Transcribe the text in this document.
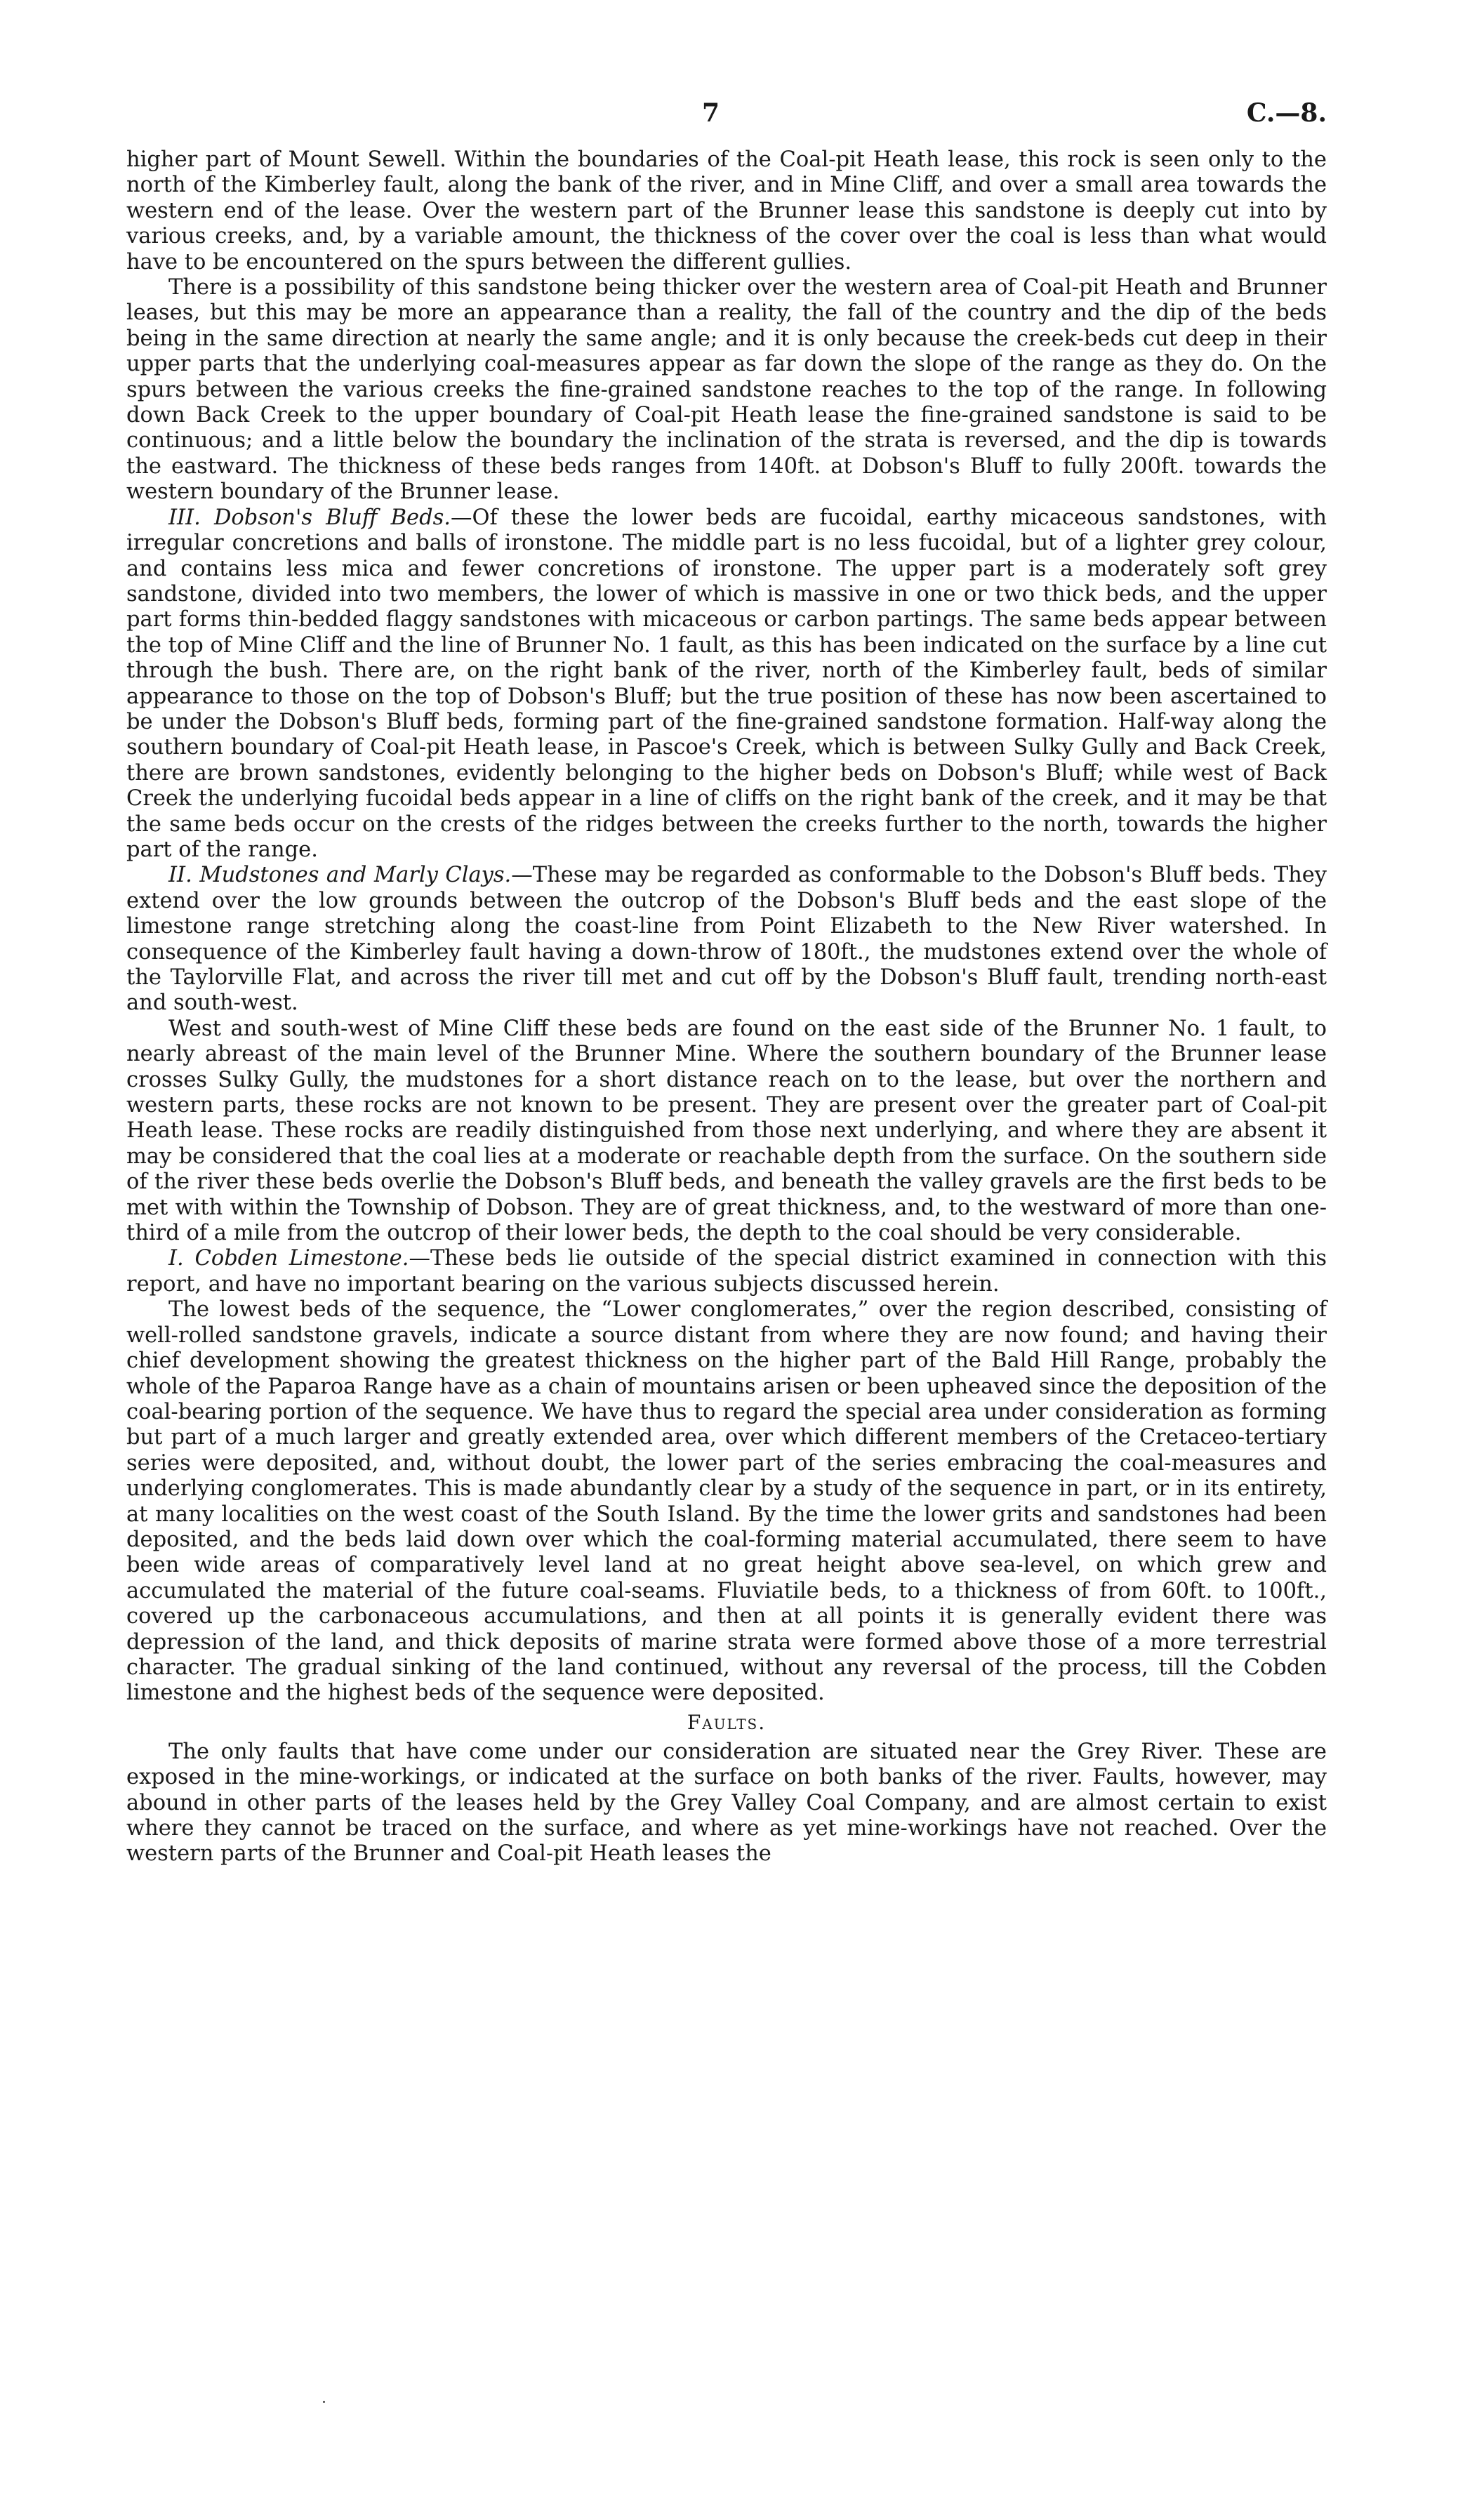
7	C.—8.

higher part of Mount Sewell. Within the boundaries of the Coal-pit Heath lease, this rock is seen only to the north of the Kimberley fault, along the bank of the river, and in Mine Cliff, and over a small area towards the western end of the lease. Over the western part of the Brunner lease this sandstone is deeply cut into by various creeks, and, by a variable amount, the thickness of the cover over the coal is less than what would have to be encountered on the spurs between the different gullies.

There is a possibility of this sandstone being thicker over the western area of Coal-pit Heath and Brunner leases, but this may be more an appearance than a reality, the fall of the country and the dip of the beds being in the same direction at nearly the same angle; and it is only because the creek-beds cut deep in their upper parts that the underlying coal-measures appear as far down the slope of the range as they do. On the spurs between the various creeks the fine-grained sandstone reaches to the top of the range. In following down Back Creek to the upper boundary of Coal-pit Heath lease the fine-grained sandstone is said to be continuous; and a little below the boundary the inclination of the strata is reversed, and the dip is towards the eastward. The thickness of these beds ranges from 140ft. at Dobson's Bluff to fully 200ft. towards the western boundary of the Brunner lease.

III. Dobson's Bluff Beds.—Of these the lower beds are fucoidal, earthy micaceous sandstones, with irregular concretions and balls of ironstone. The middle part is no less fucoidal, but of a lighter grey colour, and contains less mica and fewer concretions of ironstone. The upper part is a moderately soft grey sandstone, divided into two members, the lower of which is massive in one or two thick beds, and the upper part forms thin-bedded flaggy sandstones with micaceous or carbon partings. The same beds appear between the top of Mine Cliff and the line of Brunner No. 1 fault, as this has been indicated on the surface by a line cut through the bush. There are, on the right bank of the river, north of the Kimberley fault, beds of similar appearance to those on the top of Dobson's Bluff; but the true position of these has now been ascertained to be under the Dobson's Bluff beds, forming part of the fine-grained sandstone formation. Half-way along the southern boundary of Coal-pit Heath lease, in Pascoe's Creek, which is between Sulky Gully and Back Creek, there are brown sandstones, evidently belonging to the higher beds on Dobson's Bluff; while west of Back Creek the underlying fucoidal beds appear in a line of cliffs on the right bank of the creek, and it may be that the same beds occur on the crests of the ridges between the creeks further to the north, towards the higher part of the range.

II. Mudstones and Marly Clays.—These may be regarded as conformable to the Dobson's Bluff beds. They extend over the low grounds between the outcrop of the Dobson's Bluff beds and the east slope of the limestone range stretching along the coast-line from Point Elizabeth to the New River watershed. In consequence of the Kimberley fault having a down-throw of 180ft., the mudstones extend over the whole of the Taylorville Flat, and across the river till met and cut off by the Dobson's Bluff fault, trending north-east and south-west.

West and south-west of Mine Cliff these beds are found on the east side of the Brunner No. 1 fault, to nearly abreast of the main level of the Brunner Mine. Where the southern boundary of the Brunner lease crosses Sulky Gully, the mudstones for a short distance reach on to the lease, but over the northern and western parts, these rocks are not known to be present. They are present over the greater part of Coal-pit Heath lease. These rocks are readily distinguished from those next underlying, and where they are absent it may be considered that the coal lies at a moderate or reachable depth from the surface. On the southern side of the river these beds overlie the Dobson's Bluff beds, and beneath the valley gravels are the first beds to be met with within the Township of Dobson. They are of great thickness, and, to the westward of more than one-third of a mile from the outcrop of their lower beds, the depth to the coal should be very considerable.

I. Cobden Limestone.—These beds lie outside of the special district examined in connection with this report, and have no important bearing on the various subjects discussed herein.

The lowest beds of the sequence, the “Lower conglomerates,” over the region described, consisting of well-rolled sandstone gravels, indicate a source distant from where they are now found; and having their chief development showing the greatest thickness on the higher part of the Bald Hill Range, probably the whole of the Paparoa Range have as a chain of mountains arisen or been upheaved since the deposition of the coal-bearing portion of the sequence. We have thus to regard the special area under consideration as forming but part of a much larger and greatly extended area, over which different members of the Cretaceo-tertiary series were deposited, and, without doubt, the lower part of the series embracing the coal-measures and underlying conglomerates. This is made abundantly clear by a study of the sequence in part, or in its entirety, at many localities on the west coast of the South Island. By the time the lower grits and sandstones had been deposited, and the beds laid down over which the coal-forming material accumulated, there seem to have been wide areas of comparatively level land at no great height above sea-level, on which grew and accumulated the material of the future coal-seams. Fluviatile beds, to a thickness of from 60ft. to 100ft., covered up the carbonaceous accumulations, and then at all points it is generally evident there was depression of the land, and thick deposits of marine strata were formed above those of a more terrestrial character. The gradual sinking of the land continued, without any reversal of the process, till the Cobden limestone and the highest beds of the sequence were deposited.

Faults.

The only faults that have come under our consideration are situated near the Grey River. These are exposed in the mine-workings, or indicated at the surface on both banks of the river. Faults, however, may abound in other parts of the leases held by the Grey Valley Coal Company, and are almost certain to exist where they cannot be traced on the surface, and where as yet mine-workings have not reached. Over the western parts of the Brunner and Coal-pit Heath leases the
